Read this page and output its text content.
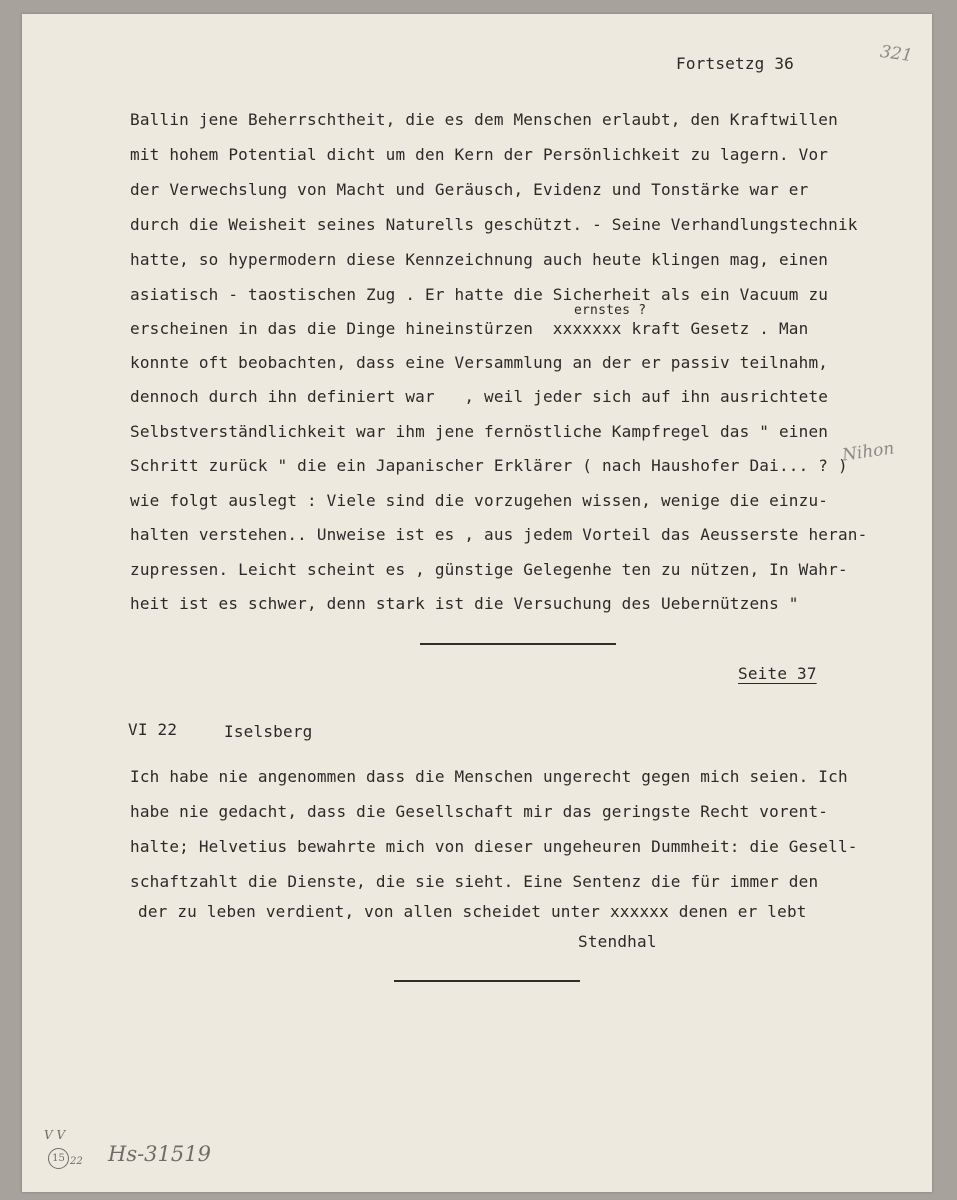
Fortsetzg 36	321

Ballin jene Beherrschtheit, die es dem Menschen erlaubt, den Kraftwillen

mit hohem Potential dicht um den Kern der Persönlichkeit zu lagern. Vor

der Verwechslung von Macht und Geräusch, Evidenz und Tonstärke war er

durch die Weisheit seines Naturells geschützt. - Seine Verhandlungstechnik

hatte, so hypermodern diese Kennzeichnung auch heute klingen mag, einen

asiatisch - taostischen Zug . Er hatte die Sicherheit als ein Vacuum zu

erscheinen in das die Dinge hineinstürzen  xxxxxxx kraft Gesetz . Man

konnte oft beobachten, dass eine Versammlung an der er passiv teilnahm,

dennoch durch ihn definiert war   , weil jeder sich auf ihn ausrichtete

Selbstverständlichkeit war ihm jene fernöstliche Kampfregel das " einen

Schritt zurück " die ein Japanischer Erklärer ( nach Haushofer Dai... ? )

wie folgt auslegt : Viele sind die vorzugehen wissen, wenige die einzu-

halten verstehen.. Unweise ist es , aus jedem Vorteil das Aeusserste heran-

zupressen. Leicht scheint es , günstige Gelegenhe ten zu nützen, In Wahr-

heit ist es schwer, denn stark ist die Versuchung des Uebernützens "

ernstes ?
Nihon
Seite 37
VI 22	Iselsberg

Ich habe nie angenommen dass die Menschen ungerecht gegen mich seien. Ich

habe nie gedacht, dass die Gesellschaft mir das geringste Recht vorent-

halte; Helvetius bewahrte mich von dieser ungeheuren Dummheit: die Gesell-

schaftzahlt die Dienste, die sie sieht. Eine Sentenz die für immer den

der zu leben verdient, von allen scheidet unter xxxxxx denen er lebt

Stendhal
V V
15 22 Hs-31519
